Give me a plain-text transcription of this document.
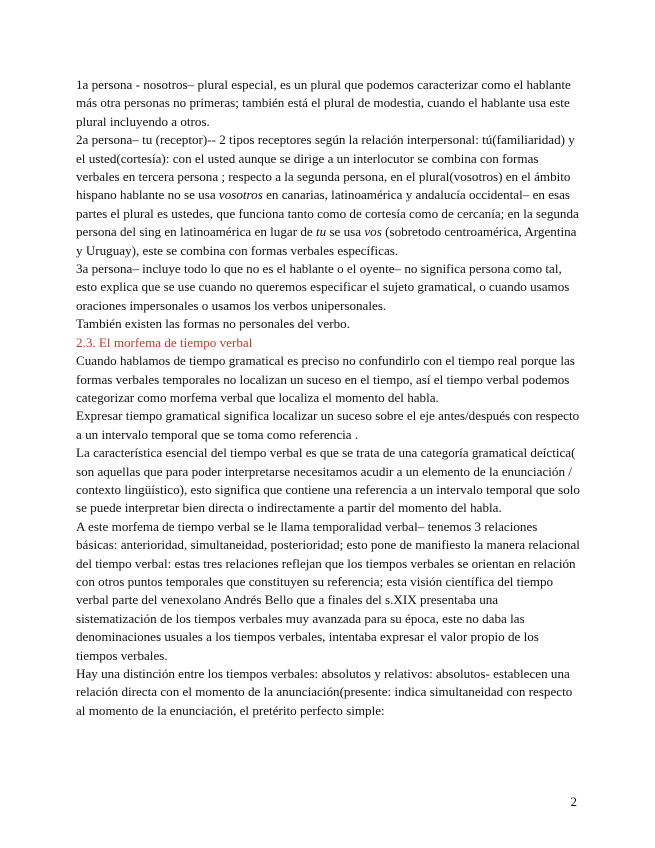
1a persona - nosotros– plural especial, es un plural que podemos caracterizar como el hablante más otra personas no primeras; también está el plural de modestia, cuando el hablante usa este plural incluyendo a otros.

2a persona– tu (receptor)-- 2 tipos receptores según la relación interpersonal: tú(familiaridad) y el usted(cortesía): con el usted aunque se dirige a un interlocutor se combina con formas verbales en tercera persona ; respecto a la segunda persona, en el plural(vosotros) en el ámbito hispano hablante no se usa vosotros en canarias, latinoamérica y andalucía occidental– en esas partes el plural es ustedes, que funciona tanto como de cortesía como de cercanía; en la segunda persona del sing en latinoamérica en lugar de tu se usa vos (sobretodo centroamérica, Argentina y Uruguay), este se combina con formas verbales específicas.

3a persona– incluye todo lo que no es el hablante o el oyente– no significa persona como tal, esto explica que se use cuando no queremos especificar el sujeto gramatical, o cuando usamos oraciones impersonales o usamos los verbos unipersonales.

También existen las formas no personales del verbo.

2.3. El morfema de tiempo verbal

Cuando hablamos de tiempo gramatical es preciso no confundirlo con el tiempo real porque las formas verbales temporales no localizan un suceso en el tiempo, así el tiempo verbal podemos categorizar como morfema verbal que localiza el momento del habla.

Expresar tiempo gramatical significa localizar un suceso sobre el eje antes/después con respecto a un intervalo temporal que se toma como referencia .

La característica esencial del tiempo verbal es que se trata de una categoría gramatical deíctica( son aquellas que para poder interpretarse necesitamos acudir a un elemento de la enunciación / contexto lingüístico), esto significa que contiene una referencia a un intervalo temporal que solo se puede interpretar bien directa o indirectamente a partir del momento del habla.

A este morfema de tiempo verbal se le llama temporalidad verbal– tenemos 3 relaciones básicas: anterioridad, simultaneidad, posterioridad; esto pone de manifiesto la manera relacional del tiempo verbal: estas tres relaciones reflejan que los tiempos verbales se orientan en relación con otros puntos temporales que constituyen su referencia; esta visión científica del tiempo verbal parte del venexolano Andrés Bello que a finales del s.XIX presentaba una sistematización de los tiempos verbales muy avanzada para su época, este no daba las denominaciones usuales a los tiempos verbales, intentaba expresar el valor propio de los tiempos verbales.

Hay una distinción entre los tiempos verbales: absolutos y relativos: absolutos- establecen una relación directa con el momento de la anunciación(presente: indica simultaneidad con respecto al momento de la enunciación, el pretérito perfecto simple:

2
